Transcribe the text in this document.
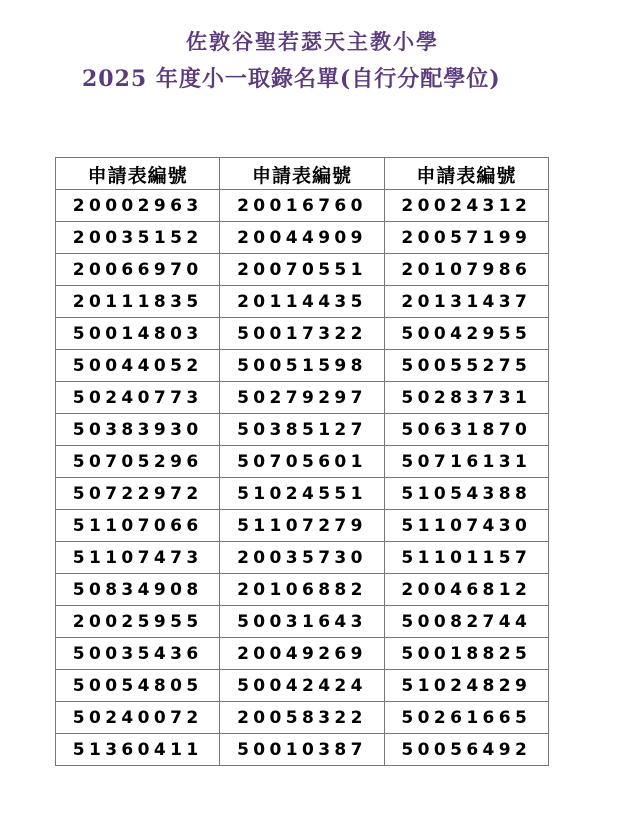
佐敦谷聖若瑟天主教小學
2025 年度小一取錄名單(自行分配學位)
申請表編號	申請表編號	申請表編號
20002963	20016760	20024312
20035152	20044909	20057199
20066970	20070551	20107986
20111835	20114435	20131437
50014803	50017322	50042955
50044052	50051598	50055275
50240773	50279297	50283731
50383930	50385127	50631870
50705296	50705601	50716131
50722972	51024551	51054388
51107066	51107279	51107430
51107473	20035730	51101157
50834908	20106882	20046812
20025955	50031643	50082744
50035436	20049269	50018825
50054805	50042424	51024829
50240072	20058322	50261665
51360411	50010387	50056492
